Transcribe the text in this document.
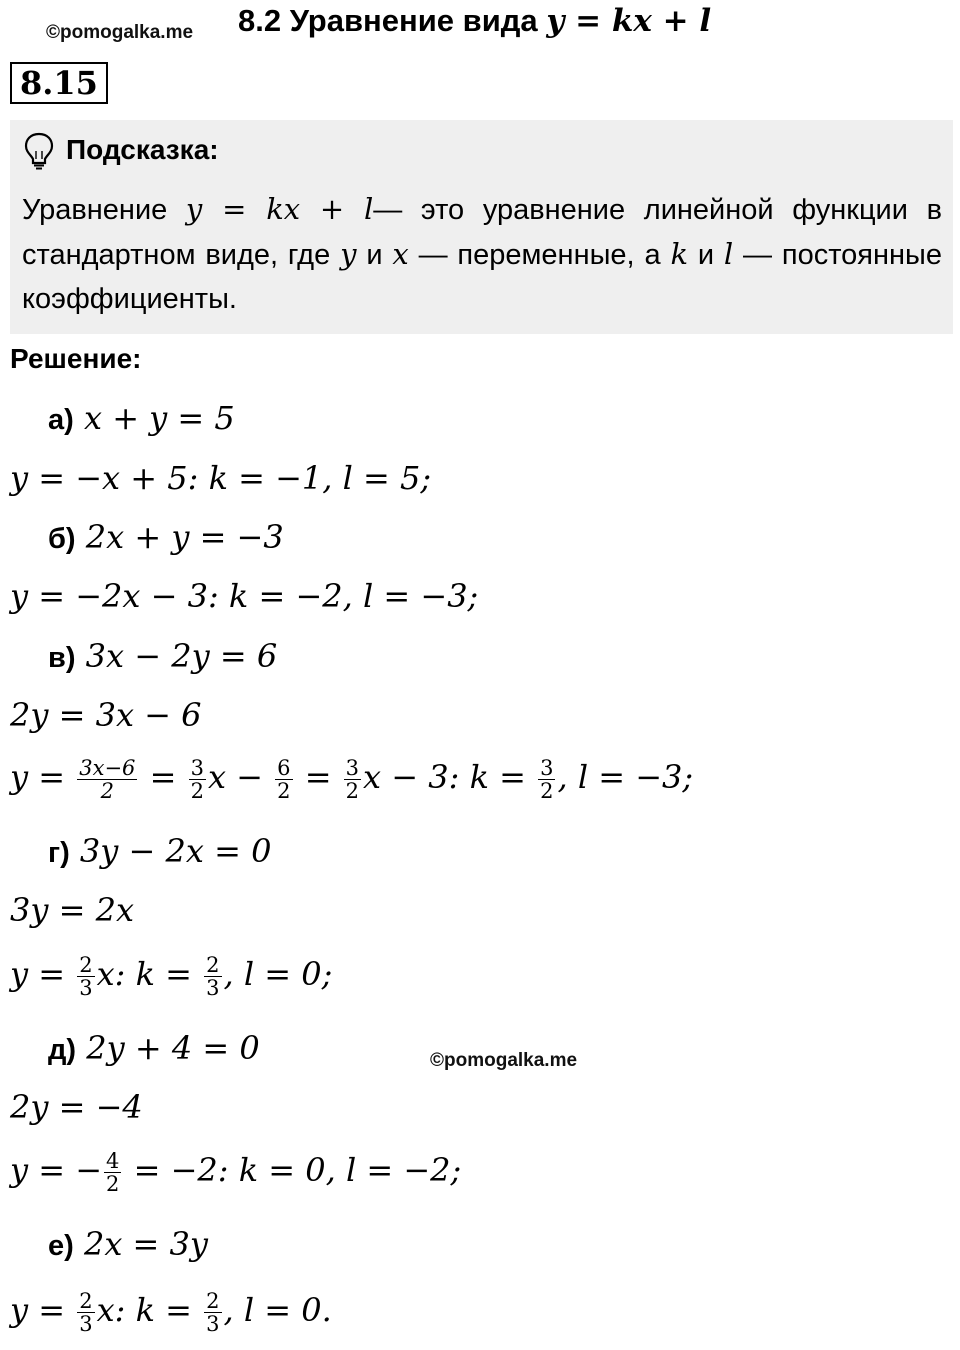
©pomogalka.me 8.2 Уравнение вида y = kx + l
8.15
Подсказка:
Уравнение y = kx + l— это уравнение линейной функции в стандартном виде, где y и x — переменные, а k и l — постоянные коэффициенты.
Решение:
а) x + y = 5
y = −x + 5: k = −1, l = 5;
б) 2x + y = −3
y = −2x − 3: k = −2, l = −3;
в) 3x − 2y = 6
2y = 3x − 6
$y = \frac{3x-6}{2} = \frac{3}{2}$ $x - \frac{6}{2} = \frac{3}{2}$ x − 3: $k = \frac{3}{2}$ , l = −3;
г) 3y − 2x = 0
3y = 2x
$y = \frac{2}{3} x$: $k = \frac{2}{3}$ , l = 0;
д) 2y + 4 = 0	©pomogalka.me
2y = −4
y = − $\frac{4}{2} = -2$: k = 0, l = −2;
е) 2x = 3y
$y = \frac{2}{3} x$: $k = \frac{2}{3}$ , l = 0.
